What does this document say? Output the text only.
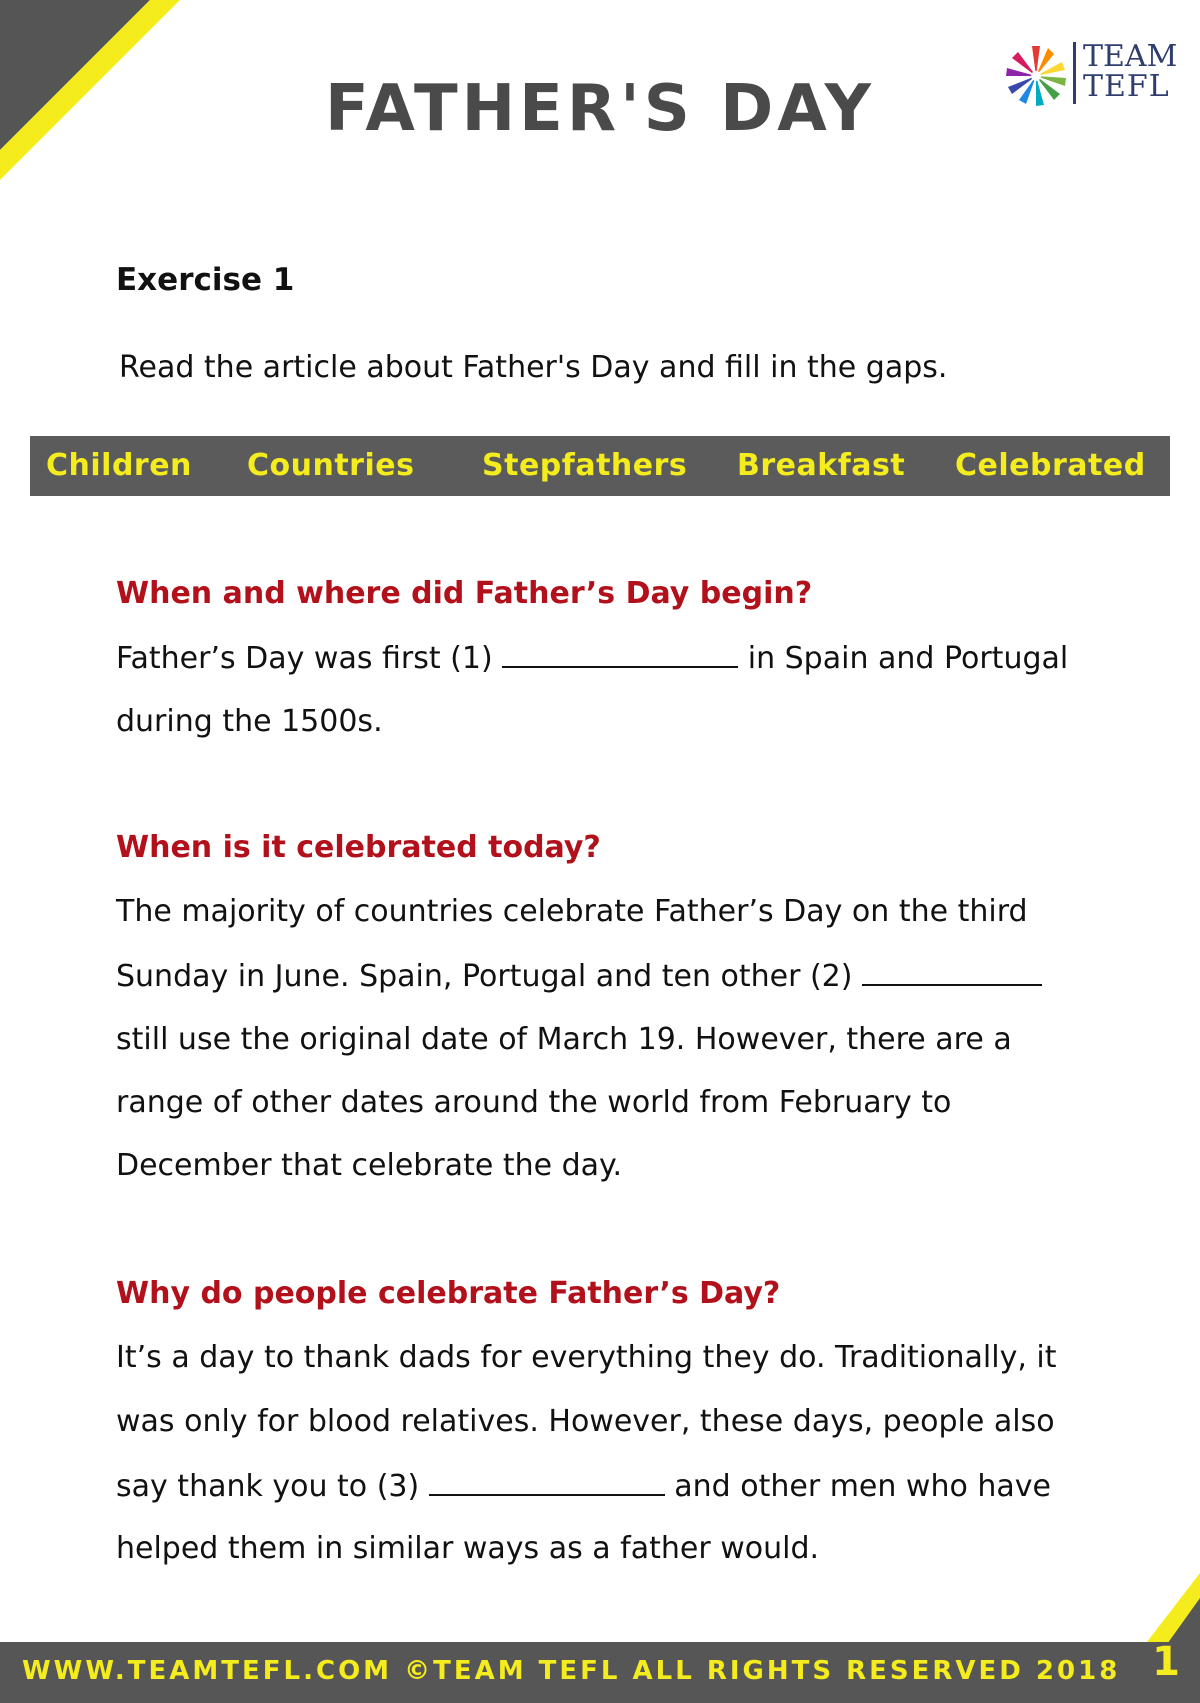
FATHER'S DAY
TEAM
TEFL
Exercise 1
Read the article about Father's Day and fill in the gaps.
Children Countries Stepfathers Breakfast Celebrated
When and where did Father’s Day begin?
Father’s Day was first (1)	in Spain and Portugal
during the 1500s.
When is it celebrated today?
The majority of countries celebrate Father’s Day on the third
Sunday in June. Spain, Portugal and ten other (2)
still use the original date of March 19. However, there are a
range of other dates around the world from February to
December that celebrate the day.
Why do people celebrate Father’s Day?
It’s a day to thank dads for everything they do. Traditionally, it
was only for blood relatives. However, these days, people also
say thank you to (3)	and other men who have
helped them in similar ways as a father would.
WWW.TEAMTEFL.COM ©TEAM TEFL ALL RIGHTS RESERVED 2018 1
